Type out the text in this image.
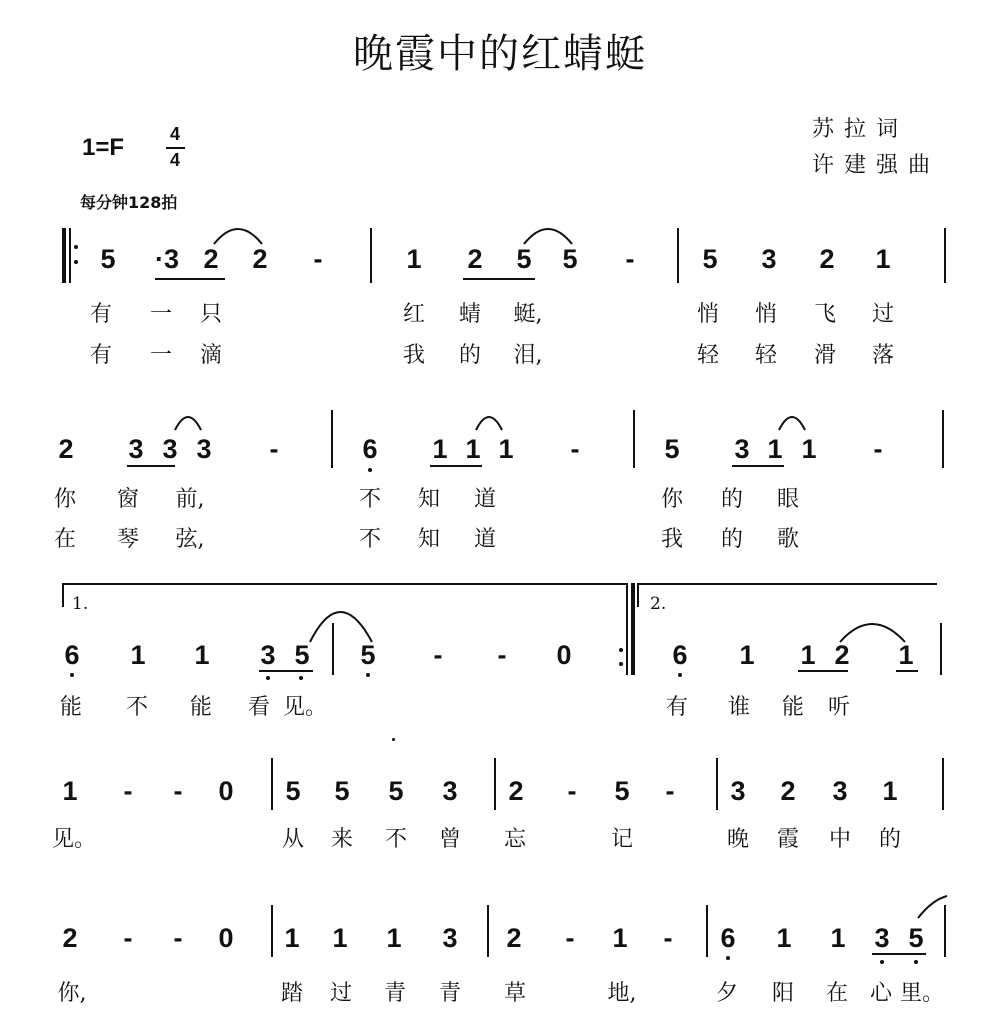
晚霞中的红蜻蜓
苏拉词
许建强曲
1=F	4
4
每分钟128拍
5 ·3 2 2 -	1 2 5 5 -	5 3 2 1
有 一 只	红 蜻 蜓,	悄 悄 飞 过
有 一 滴	我 的 泪,	轻 轻 滑 落
2 3 3 3 -	6 1 1 1 -	5 3 1 1 -
你 窗 前,	不 知 道	你 的 眼
在 琴 弦,	不 知 道	我 的 歌
1.	2.
6 1 1 3 5 5 - - 0	6 1 1 2 1
能 不 能 看 见。	有 谁 能 听
1 - - 0 5 5 5 3 2 - 5 - 3 2 3 1
见。	从 来 不 曾 忘	记	晚 霞 中 的
2 - - 0 1 1 1 3 2 - 1 - 6 1 1 3 5
你,	踏 过 青 青 草	地,	夕 阳 在 心 里。
